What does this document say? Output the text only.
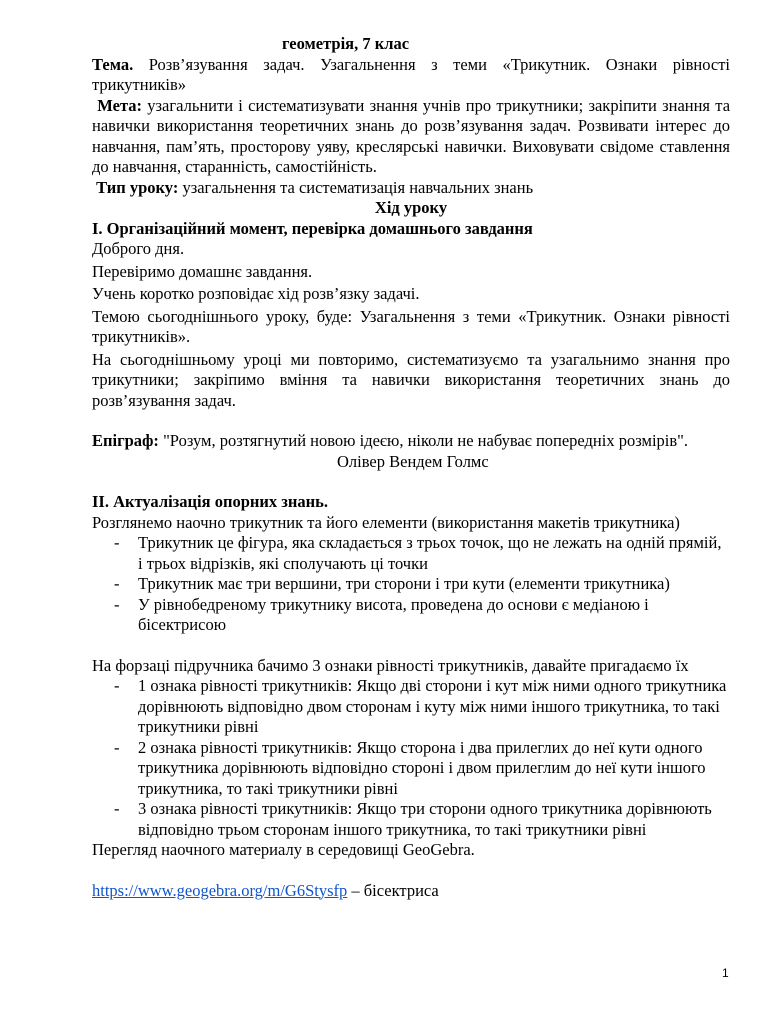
геометрія, 7 клас

Тема. Розв’язування задач. Узагальнення з теми «Трикутник. Ознаки рівності трикутників»

Мета: узагальнити і систематизувати знання учнів про трикутники; закріпити знання та навички використання теоретичних знань до розв’язування задач. Розвивати інтерес до навчання, пам’ять, просторову уяву, креслярські навички. Виховувати свідоме ставлення до навчання, старанність, самостійність.

Тип уроку: узагальнення та систематизація навчальних знань

Хід уроку

І. Організаційний момент, перевірка домашнього завдання

Доброго дня.

Перевіримо домашнє завдання.

Учень коротко розповідає хід розв’язку задачі.

Темою сьогоднішнього уроку, буде: Узагальнення з теми «Трикутник. Ознаки рівності трикутників».

На сьогоднішньому уроці ми повторимо, систематизуємо та узагальнимо знання про трикутники; закріпимо вміння та навички використання теоретичних знань до розв’язування задач.

Епіграф: "Розум, розтягнутий новою ідеєю, ніколи не набуває попередніх розмірів". Олівер Вендем Голмс

ІІ. Актуалізація опорних знань.

Розглянемо наочно трикутник та його елементи (використання макетів трикутника)

- Трикутник це фігура, яка складається з трьох точок, що не лежать на одній прямій, і трьох відрізків, які сполучають ці точки
- Трикутник має три вершини, три сторони і три кути (елементи трикутника)
- У рівнобедреному трикутнику висота, проведена до основи є медіаною і бісектрисою

На форзаці підручника бачимо 3 ознаки рівності трикутників, давайте пригадаємо їх

- 1 ознака рівності трикутників: Якщо дві сторони і кут між ними одного трикутника дорівнюють відповідно двом сторонам і куту між ними іншого трикутника, то такі трикутники рівні
- 2 ознака рівності трикутників: Якщо сторона і два прилеглих до неї кути одного трикутника дорівнюють відповідно стороні і двом прилеглим до неї кути іншого трикутника, то такі трикутники рівні
- 3 ознака рівності трикутників: Якщо три сторони одного трикутника дорівнюють відповідно трьом сторонам іншого трикутника, то такі трикутники рівні

Перегляд наочного материалу в середовищі GeoGebra.

https://www.geogebra.org/m/G6Stysfp – бісектриса

1
